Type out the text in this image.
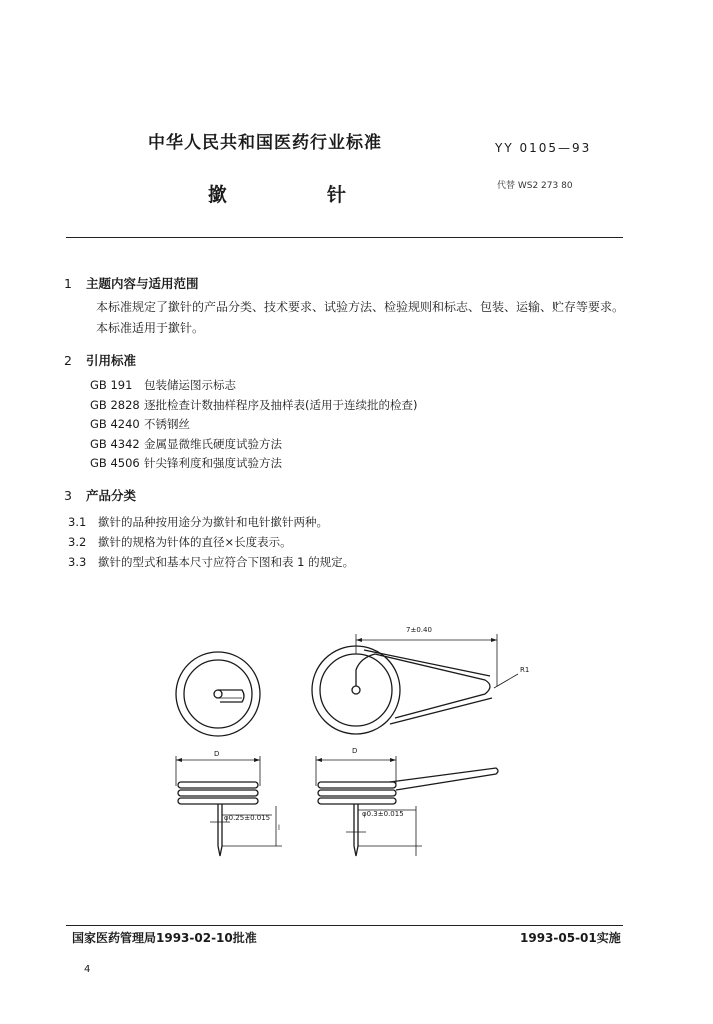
中华人民共和国医药行业标准	YY 0105—93
撳	针	代替 WS2 273 80
1 主题内容与适用范围
本标准规定了撳针的产品分类、技术要求、试验方法、检验规则和标志、包装、运输、贮存等要求。
本标准适用于撳针。
2 引用标准
GB 191 包装储运图示标志
GB 2828 逐批检查计数抽样程序及抽样表(适用于连续批的检查)
GB 4240 不锈钢丝
GB 4342 金属显微维氏硬度试验方法
GB 4506 针尖锋利度和强度试验方法
3 产品分类
3.1 撳针的品种按用途分为撳针和电针撳针两种。
3.2 撳针的规格为针体的直径×长度表示。
3.3 撳针的型式和基本尺寸应符合下图和表 1 的规定。
7±0.40
R1
D	D
φ0.25±0.015	φ0.3±0.015
l
国家医药管理局1993-02-10批准	1993-05-01实施
4
